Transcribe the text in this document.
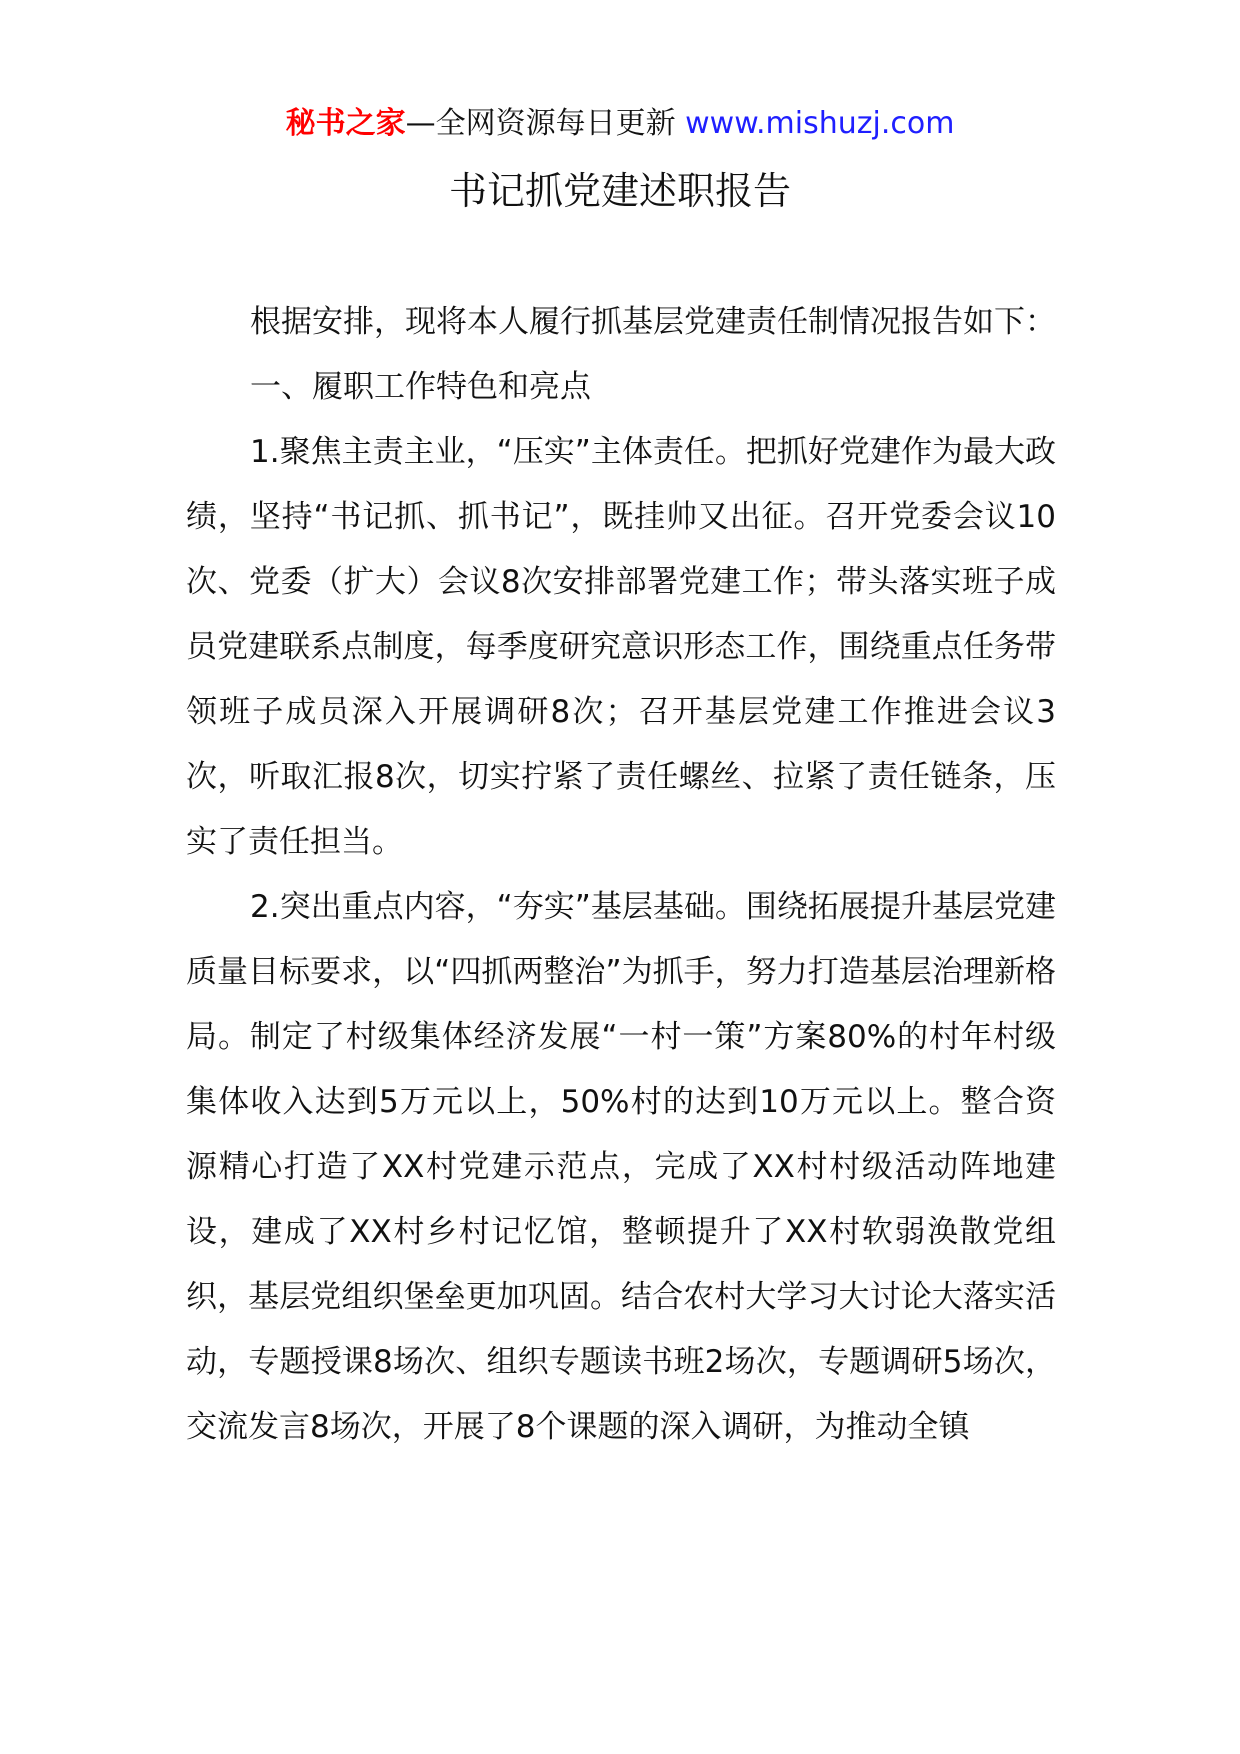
秘书之家—全网资源每日更新 www.mishuzj.com
书记抓党建述职报告

根据安排，现将本人履行抓基层党建责任制情况报告如下：

一、履职工作特色和亮点

1.聚焦主责主业，“压实”主体责任。把抓好党建作为最大政绩，坚持“书记抓、抓书记”，既挂帅又出征。召开党委会议10次、党委（扩大）会议8次安排部署党建工作；带头落实班子成员党建联系点制度，每季度研究意识形态工作，围绕重点任务带领班子成员深入开展调研8次；召开基层党建工作推进会议3次，听取汇报8次，切实拧紧了责任螺丝、拉紧了责任链条，压实了责任担当。

2.突出重点内容，“夯实”基层基础。围绕拓展提升基层党建质量目标要求，以“四抓两整治”为抓手，努力打造基层治理新格局。制定了村级集体经济发展“一村一策”方案80%的村年村级集体收入达到5万元以上，50%村的达到10万元以上。整合资源精心打造了XX村党建示范点，完成了XX村村级活动阵地建设，建成了XX村乡村记忆馆，整顿提升了XX村软弱涣散党组织，基层党组织堡垒更加巩固。结合农村大学习大讨论大落实活动，专题授课8场次、组织专题读书班2场次，专题调研5场次，交流发言8场次，开展了8个课题的深入调研，为推动全镇
